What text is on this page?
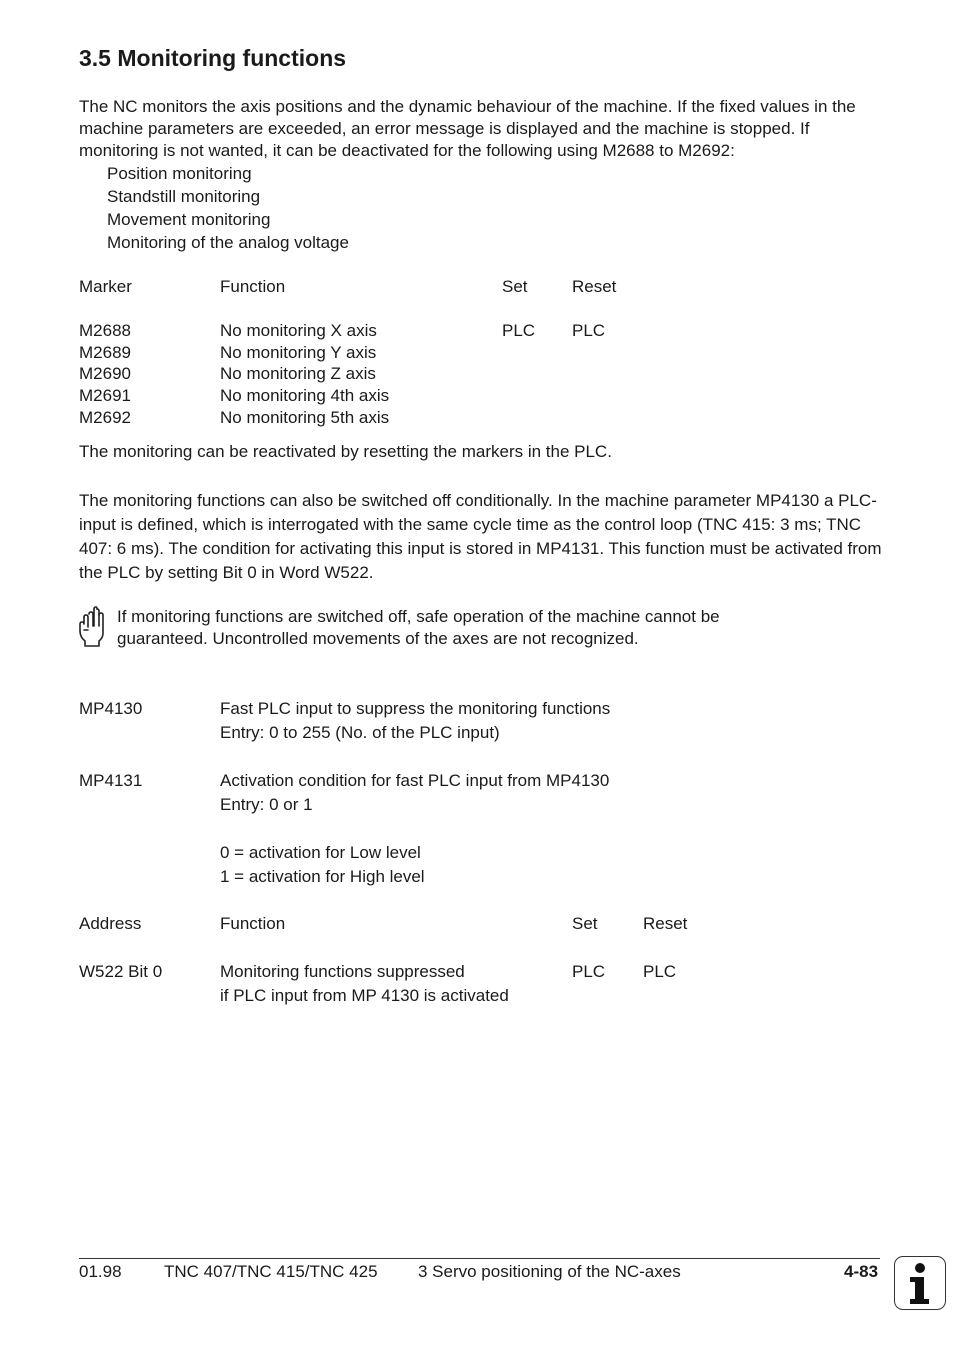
3.5 Monitoring functions
The NC monitors the axis positions and the dynamic behaviour of the machine. If the fixed values in the machine parameters are exceeded, an error message is displayed and the machine is stopped. If monitoring is not wanted, it can be deactivated for the following using M2688 to M2692:
Position monitoring
Standstill monitoring
Movement monitoring
Monitoring of the analog voltage
Marker	Function	Set	Reset
M2688	No monitoring X axis	PLC PLC
M2689	No monitoring Y axis
M2690	No monitoring Z axis
M2691	No monitoring 4th axis
M2692	No monitoring 5th axis
The monitoring can be reactivated by resetting the markers in the PLC.
The monitoring functions can also be switched off conditionally. In the machine parameter MP4130 a PLC-input is defined, which is interrogated with the same cycle time as the control loop (TNC 415: 3 ms; TNC 407: 6 ms). The condition for activating this input is stored in MP4131. This function must be activated from the PLC by setting Bit 0 in Word W522.
If monitoring functions are switched off, safe operation of the machine cannot be
guaranteed. Uncontrolled movements of the axes are not recognized.
MP4130	Fast PLC input to suppress the monitoring functions
Entry: 0 to 255 (No. of the PLC input)
MP4131	Activation condition for fast PLC input from MP4130
Entry: 0 or 1
0 = activation for Low level
1 = activation for High level
Address	Function	Set	Reset
W522 Bit 0	Monitoring functions suppressed	PLC PLC
if PLC input from MP 4130 is activated
01.98 TNC 407/TNC 415/TNC 425 3 Servo positioning of the NC-axes	4-83
